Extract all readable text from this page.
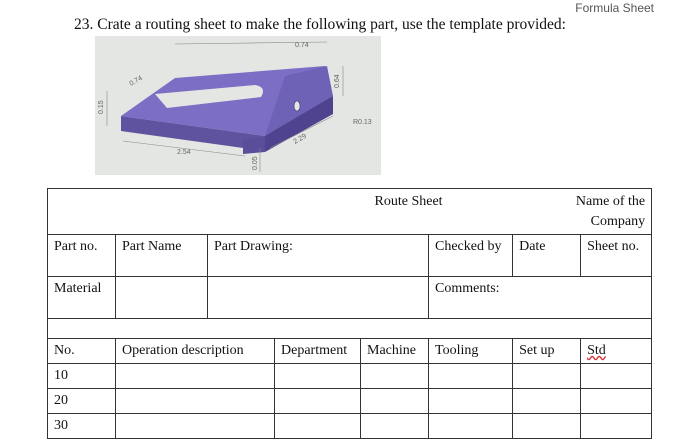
Formula Sheet
23. Crate a routing sheet to make the following part, use the template provided:
0.74
0.74
0.15
0.64
R0.13
2.54
2.29
0.05
Route Sheet						Name of the Company	
Part no.	Part Name	Part Drawing:			Checked by	Date	Sheet no.
Material					Comments:		

No.	Operation description		Department	Machine	Tooling	Set up	Std
10							
20							
30							
